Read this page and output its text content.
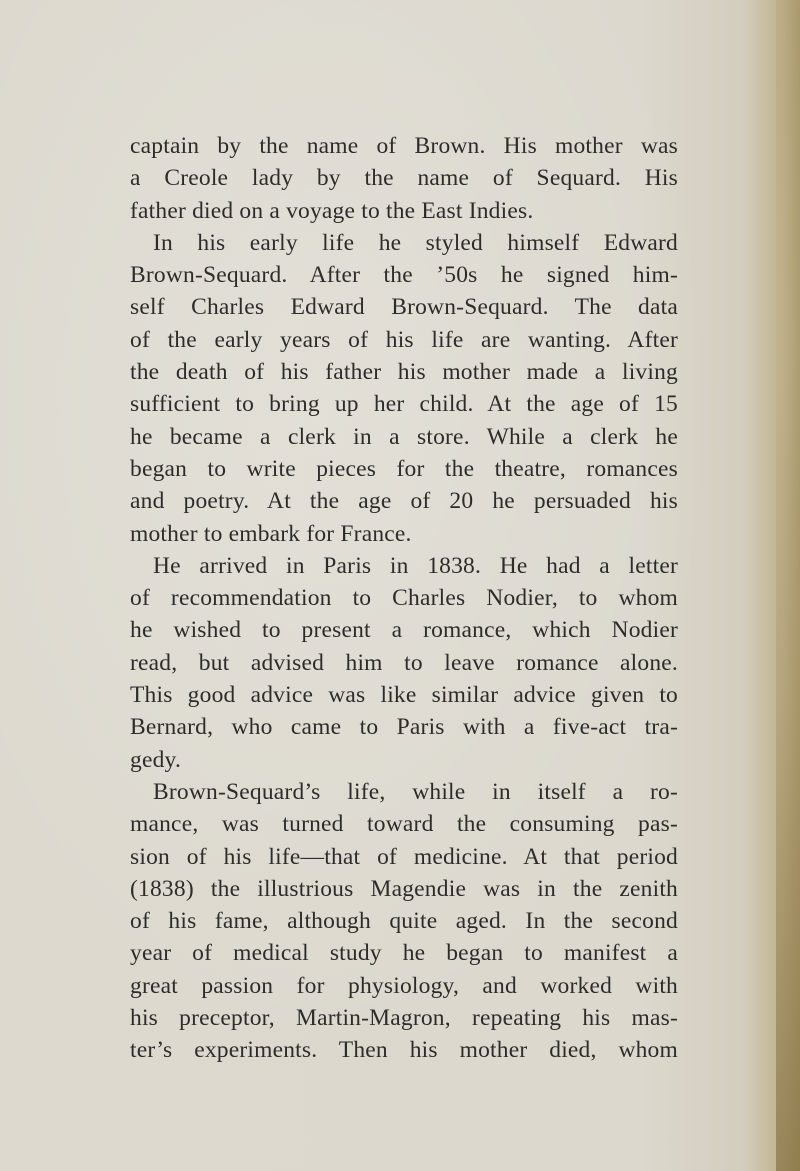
captain by the name of Brown. His mother was
a Creole lady by the name of Sequard. His
father died on a voyage to the East Indies.
In his early life he styled himself Edward
Brown-Sequard. After the ’50s he signed him-
self Charles Edward Brown-Sequard. The data
of the early years of his life are wanting. After
the death of his father his mother made a living
sufficient to bring up her child. At the age of 15
he became a clerk in a store. While a clerk he
began to write pieces for the theatre, romances
and poetry. At the age of 20 he persuaded his
mother to embark for France.
He arrived in Paris in 1838. He had a letter
of recommendation to Charles Nodier, to whom
he wished to present a romance, which Nodier
read, but advised him to leave romance alone.
This good advice was like similar advice given to
Bernard, who came to Paris with a five-act tra-
gedy.
Brown-Sequard’s life, while in itself a ro-
mance, was turned toward the consuming pas-
sion of his life—that of medicine. At that period
(1838) the illustrious Magendie was in the zenith
of his fame, although quite aged. In the second
year of medical study he began to manifest a
great passion for physiology, and worked with
his preceptor, Martin-Magron, repeating his mas-
ter’s experiments. Then his mother died, whom
